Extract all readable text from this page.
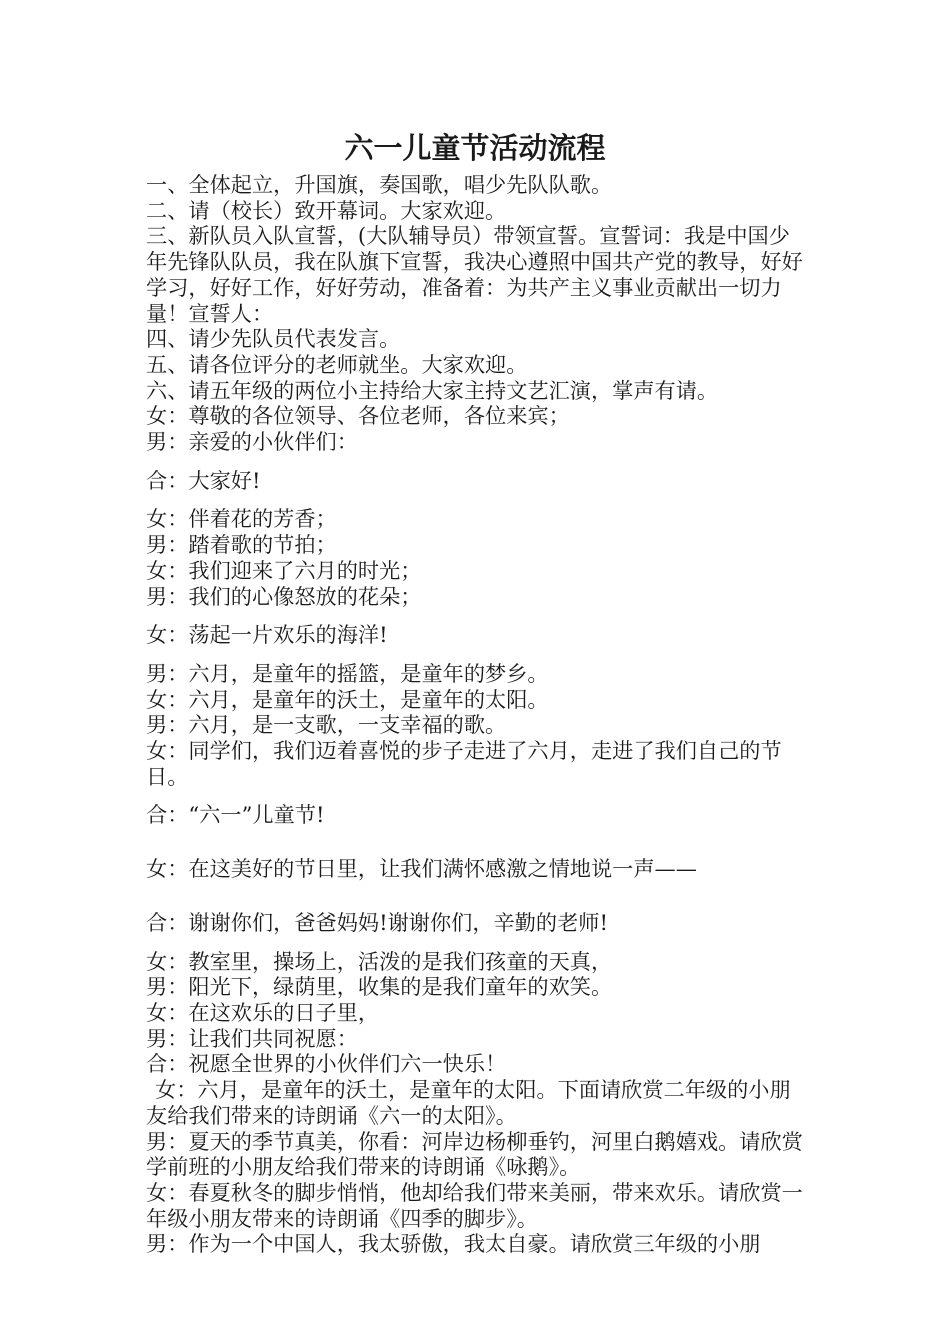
六一儿童节活动流程

一、全体起立，升国旗，奏国歌，唱少先队队歌。

二、请（校长）致开幕词。大家欢迎。

三、新队员入队宣誓，(大队辅导员）带领宣誓。宣誓词：我是中国少年先锋队队员，我在队旗下宣誓，我决心遵照中国共产党的教导，好好学习，好好工作，好好劳动，准备着：为共产主义事业贡献出一切力量！宣誓人：

四、请少先队员代表发言。

五、请各位评分的老师就坐。大家欢迎。

六、请五年级的两位小主持给大家主持文艺汇演，掌声有请。

女：尊敬的各位领导、各位老师，各位来宾；

男：亲爱的小伙伴们：

合：大家好!

女：伴着花的芳香；

男：踏着歌的节拍；

女：我们迎来了六月的时光；

男：我们的心像怒放的花朵；

女：荡起一片欢乐的海洋!

男：六月，是童年的摇篮，是童年的梦乡。

女：六月，是童年的沃土，是童年的太阳。

男：六月，是一支歌，一支幸福的歌。

女：同学们，我们迈着喜悦的步子走进了六月，走进了我们自己的节日。

合：“六一”儿童节!

女：在这美好的节日里，让我们满怀感激之情地说一声——

合：谢谢你们，爸爸妈妈!谢谢你们，辛勤的老师!

女：教室里，操场上，活泼的是我们孩童的天真，

男：阳光下，绿荫里，收集的是我们童年的欢笑。

女：在这欢乐的日子里，

男：让我们共同祝愿：

合：祝愿全世界的小伙伴们六一快乐！

女：六月，是童年的沃土，是童年的太阳。下面请欣赏二年级的小朋友给我们带来的诗朗诵《六一的太阳》。

男：夏天的季节真美，你看：河岸边杨柳垂钓，河里白鹅嬉戏。请欣赏学前班的小朋友给我们带来的诗朗诵《咏鹅》。

女：春夏秋冬的脚步悄悄，他却给我们带来美丽，带来欢乐。请欣赏一年级小朋友带来的诗朗诵《四季的脚步》。

男：作为一个中国人，我太骄傲，我太自豪。请欣赏三年级的小朋
